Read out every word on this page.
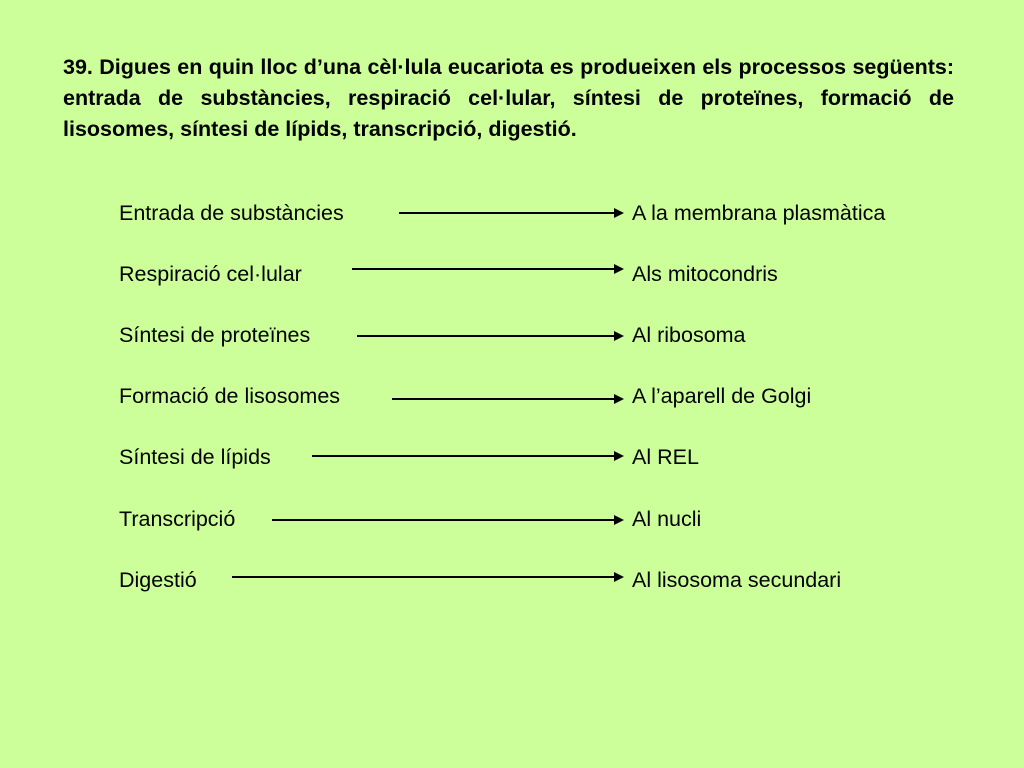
39. Digues en quin lloc d’una cèl·lula eucariota es produeixen els processos següents: entrada de substàncies, respiració cel·lular, síntesi de proteïnes, formació de lisosomes, síntesi de lípids, transcripció, digestió.

Entrada de substàncies	A la membrana plasmàtica
Respiració cel·lular	Als mitocondris
Síntesi de proteïnes	Al ribosoma
Formació de lisosomes	A l’aparell de Golgi
Síntesi de lípids	Al REL
Transcripció	Al nucli
Digestió	Al lisosoma secundari
